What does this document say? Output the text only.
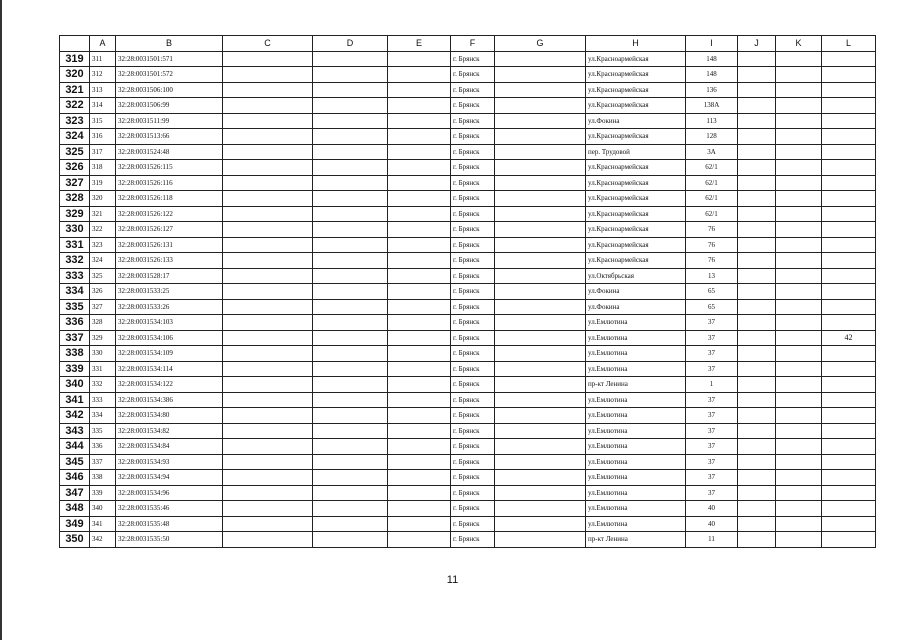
	A	B	C	D	E	F	G	H	I	J	K	L
319	311	32:28:0031501:571				г. Брянск		ул.Красноармейская	148			
320	312	32:28:0031501:572				г. Брянск		ул.Красноармейская	148			
321	313	32:28:0031506:100				г. Брянск		ул.Красноармейская	136			
322	314	32:28:0031506:99				г. Брянск		ул.Красноармейская	138А			
323	315	32:28:0031511:99				г. Брянск		ул.Фокина	113			
324	316	32:28:0031513:66				г. Брянск		ул.Красноармейская	128			
325	317	32:28:0031524:48				г. Брянск		пер. Трудовой	3А			
326	318	32:28:0031526:115				г. Брянск		ул.Красноармейская	62/1			
327	319	32:28:0031526:116				г. Брянск		ул.Красноармейская	62/1			
328	320	32:28:0031526:118				г. Брянск		ул.Красноармейская	62/1			
329	321	32:28:0031526:122				г. Брянск		ул.Красноармейская	62/1			
330	322	32:28:0031526:127				г. Брянск		ул.Красноармейская	76			
331	323	32:28:0031526:131				г. Брянск		ул.Красноармейская	76			
332	324	32:28:0031526:133				г. Брянск		ул.Красноармейская	76			
333	325	32:28:0031528:17				г. Брянск		ул.Октябрьская	13			
334	326	32:28:0031533:25				г. Брянск		ул.Фокина	65			
335	327	32:28:0031533:26				г. Брянск		ул.Фокина	65			
336	328	32:28:0031534:103				г. Брянск		ул.Емлютина	37			
337	329	32:28:0031534:106				г. Брянск		ул.Емлютина	37			42
338	330	32:28:0031534:109				г. Брянск		ул.Емлютина	37			
339	331	32:28:0031534:114				г. Брянск		ул.Емлютина	37			
340	332	32:28:0031534:122				г. Брянск		пр-кт Ленина	1			
341	333	32:28:0031534:386				г. Брянск		ул.Емлютина	37			
342	334	32:28:0031534:80				г. Брянск		ул.Емлютина	37			
343	335	32:28:0031534:82				г. Брянск		ул.Емлютина	37			
344	336	32:28:0031534:84				г. Брянск		ул.Емлютина	37			
345	337	32:28:0031534:93				г. Брянск		ул.Емлютина	37			
346	338	32:28:0031534:94				г. Брянск		ул.Емлютина	37			
347	339	32:28:0031534:96				г. Брянск		ул.Емлютина	37			
348	340	32:28:0031535:46				г. Брянск		ул.Емлютина	40			
349	341	32:28:0031535:48				г. Брянск		ул.Емлютина	40			
350	342	32:28:0031535:50				г. Брянск		пр-кт Ленина	11			
11
